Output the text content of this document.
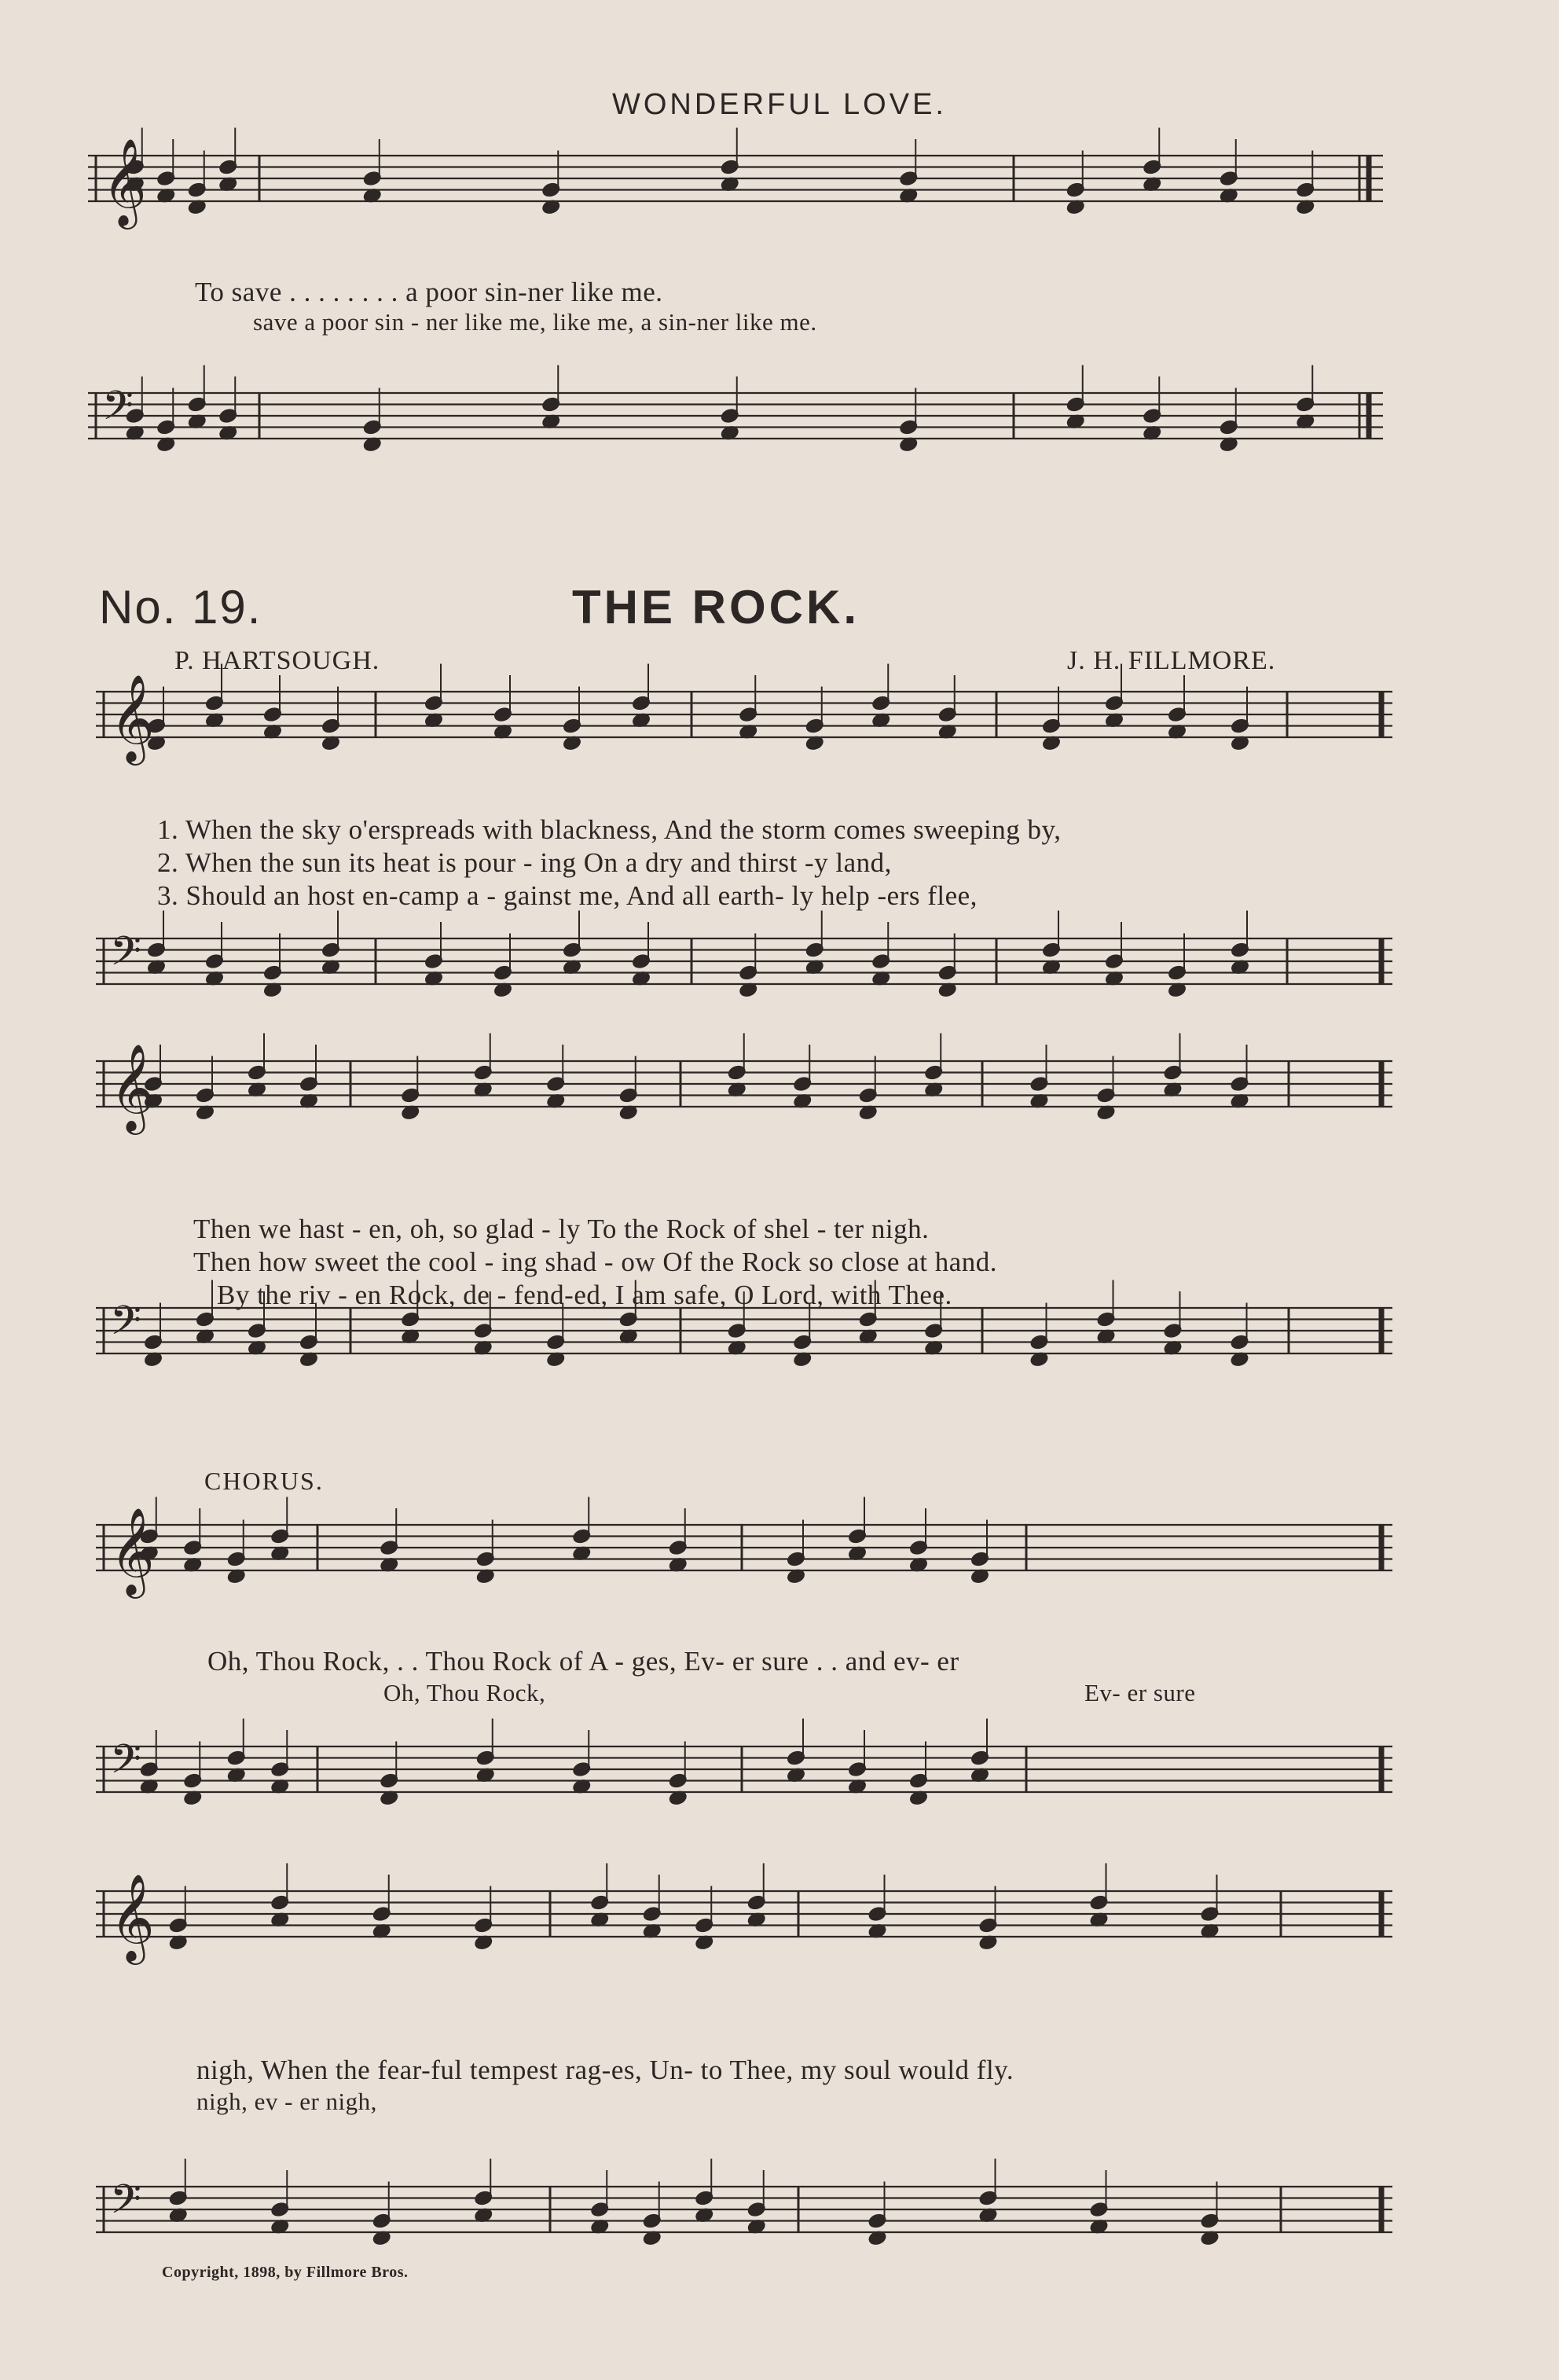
𝄞
𝄢
𝄞
𝄢
𝄞
𝄢
𝄞
𝄢
𝄞
𝄢
WONDERFUL LOVE.
To save . . . . . . . . a poor sin-ner like me.
save a poor sin - ner like me, like me, a sin-ner like me.
No. 19.	THE ROCK.
P. HARTSOUGH.	J. H. FILLMORE.
1. When the sky o'erspreads with blackness, And the storm comes sweeping by,
2. When the sun its heat is pour - ing On a dry and thirst -y land,
3. Should an host en-camp a - gainst me, And all earth- ly help -ers flee,
Then we hast - en, oh, so glad - ly To the Rock of shel - ter nigh.
Then how sweet the cool - ing shad - ow Of the Rock so close at hand.
By the riv - en Rock, de - fend-ed, I am safe, O Lord, with Thee.
CHORUS.
Oh, Thou Rock, . . Thou Rock of A - ges, Ev- er sure . . and ev- er
Oh, Thou Rock,	Ev- er sure
nigh, When the fear-ful tempest rag-es, Un- to Thee, my soul would fly.
nigh, ev - er nigh,
Copyright, 1898, by Fillmore Bros.
